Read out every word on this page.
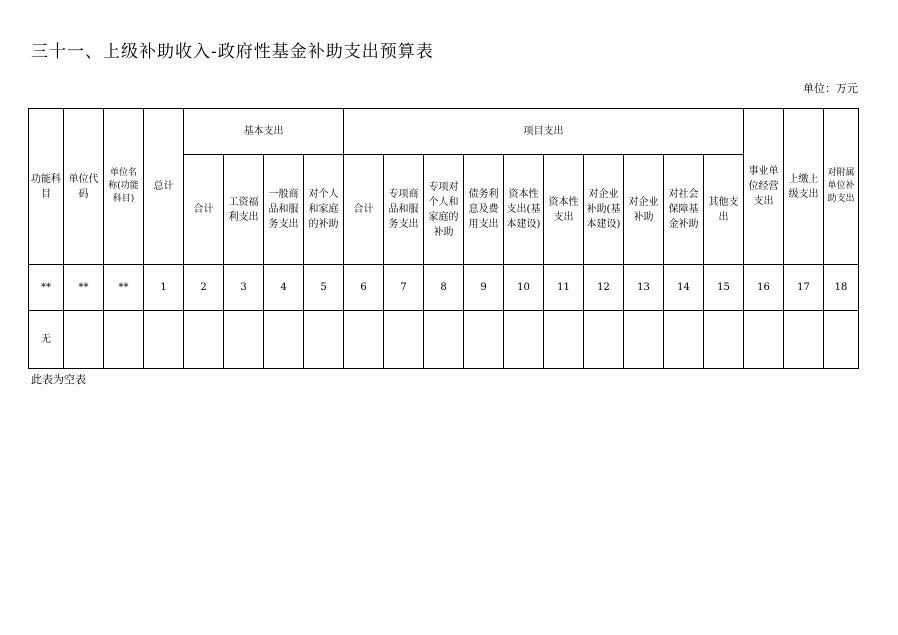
三十一、上级补助收入-政府性基金补助支出预算表
单位：万元
功能科目	单位代码	单位名称(功能科目)	总计	基本支出				项目支出										事业单位经营支出	上缴上级支出	对附属单位补助支出
				合计	工资福利支出	一般商品和服务支出	对个人和家庭的补助	合计	专项商品和服务支出	专项对个人和家庭的补助	债务利息及费用支出	资本性支出(基本建设)	资本性支出	对企业补助(基本建设)	对企业补助	对社会保障基金补助	其他支出			
**	**	**	1	2	3	4	5	6	7	8	9	10	11	12	13	14	15	16	17	18
无																				
此表为空表
